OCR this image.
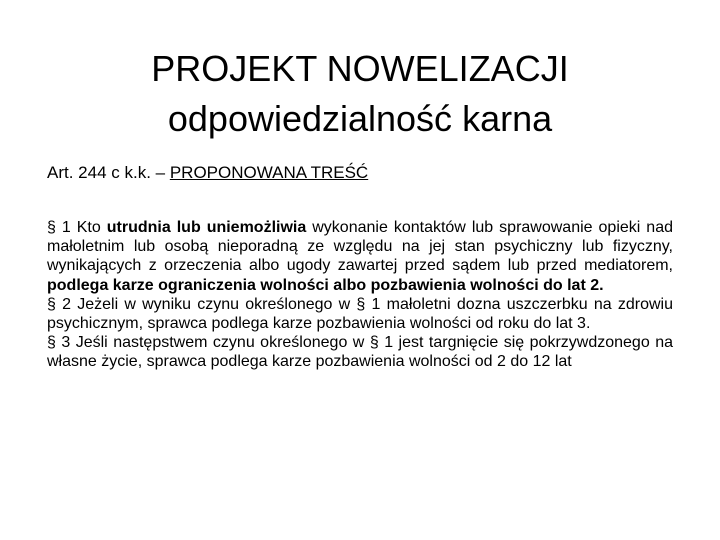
PROJEKT NOWELIZACJI
odpowiedzialność karna
Art. 244 c k.k. – PROPONOWANA TREŚĆ

§ 1 Kto utrudnia lub uniemożliwia wykonanie kontaktów lub sprawowanie opieki nad małoletnim lub osobą nieporadną ze względu na jej stan psychiczny lub fizyczny, wynikających z orzeczenia albo ugody zawartej przed sądem lub przed mediatorem, podlega karze ograniczenia wolności albo pozbawienia wolności do lat 2.

§ 2 Jeżeli w wyniku czynu określonego w § 1 małoletni dozna uszczerbku na zdrowiu psychicznym, sprawca podlega karze pozbawienia wolności od roku do lat 3.

§ 3 Jeśli następstwem czynu określonego w § 1 jest targnięcie się pokrzywdzonego na własne życie, sprawca podlega karze pozbawienia wolności od 2 do 12 lat
